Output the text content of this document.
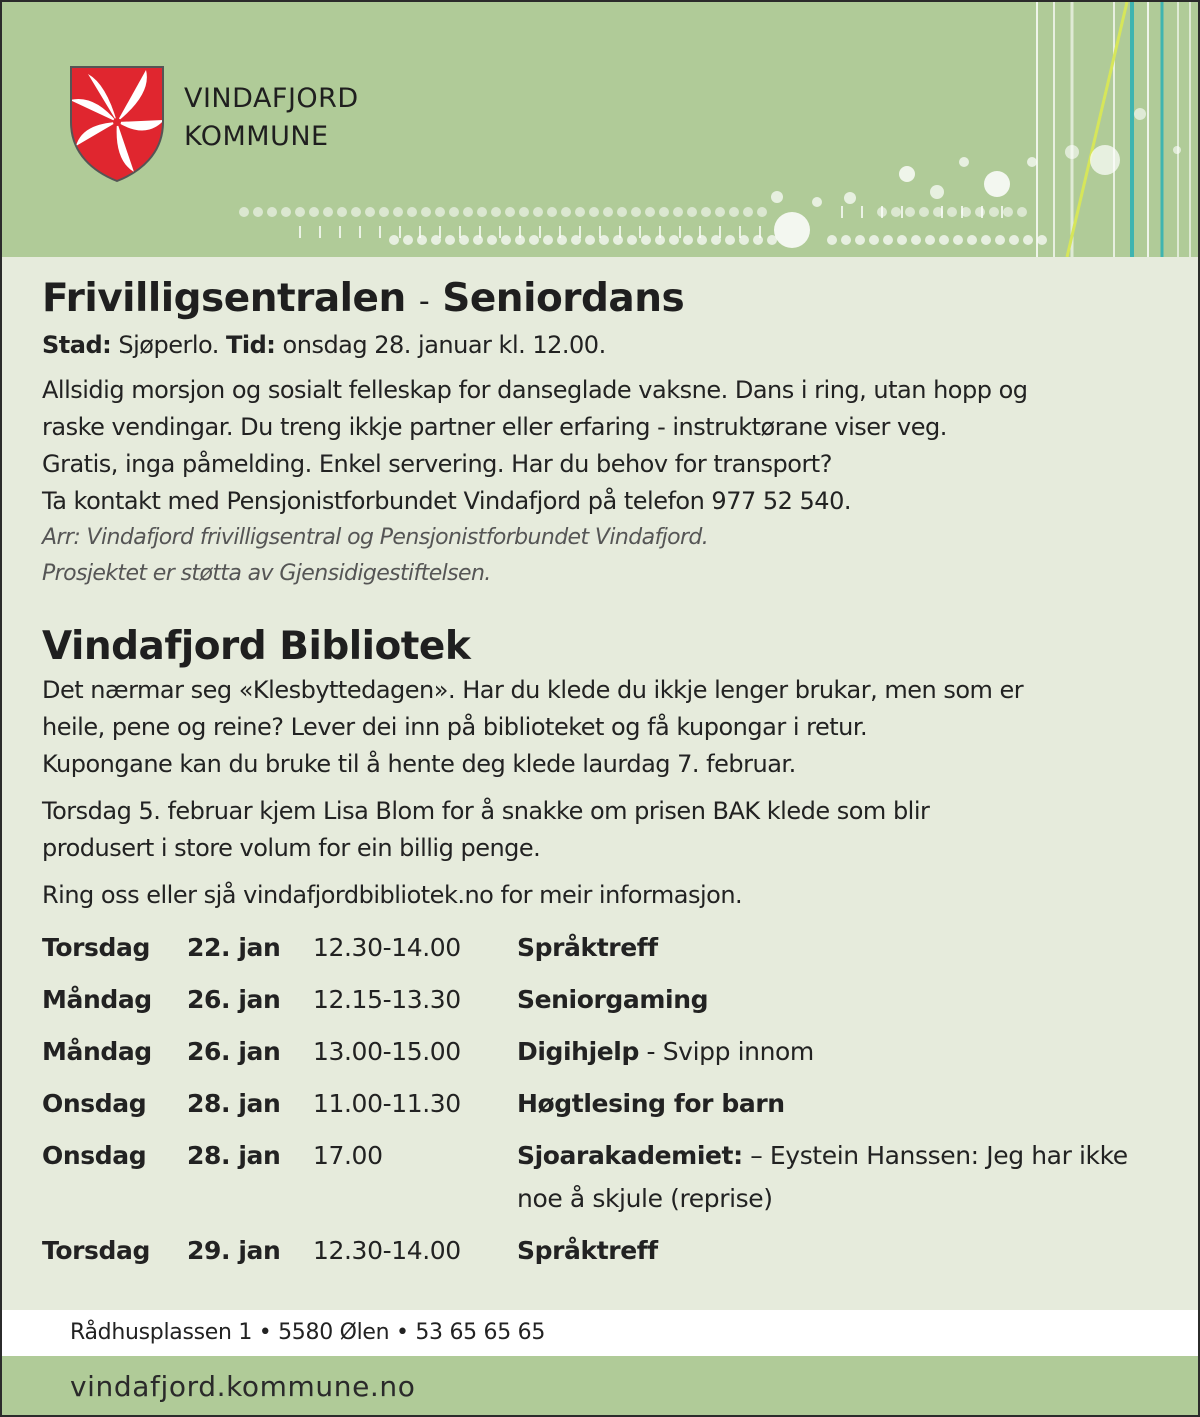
VINDAFJORD
KOMMUNE
Frivilligsentralen - Seniordans
Stad: Sjøperlo. Tid: onsdag 28. januar kl. 12.00.
Allsidig morsjon og sosialt felleskap for danseglade vaksne. Dans i ring, utan hopp og
raske vendingar. Du treng ikkje partner eller erfaring - instruktørane viser veg.
Gratis, inga påmelding. Enkel servering. Har du behov for transport?
Ta kontakt med Pensjonistforbundet Vindafjord på telefon 977 52 540.
Arr: Vindafjord frivilligsentral og Pensjonistforbundet Vindafjord.
Prosjektet er støtta av Gjensidigestiftelsen.
Vindafjord Bibliotek
Det nærmar seg «Klesbyttedagen». Har du klede du ikkje lenger brukar, men som er
heile, pene og reine? Lever dei inn på biblioteket og få kupongar i retur.
Kupongane kan du bruke til å hente deg klede laurdag 7. februar.
Torsdag 5. februar kjem Lisa Blom for å snakke om prisen BAK klede som blir
produsert i store volum for ein billig penge.
Ring oss eller sjå vindafjordbibliotek.no for meir informasjon.
Torsdag	22. jan	12.30-14.00	Språktreff
Måndag	26. jan	12.15-13.30	Seniorgaming
Måndag	26. jan	13.00-15.00	Digihjelp - Svipp innom
Onsdag	28. jan	11.00-11.30	Høgtlesing for barn
Onsdag	28. jan	17.00	Sjoarakademiet: – Eystein Hanssen: Jeg har ikke noe å skjule (reprise)
Torsdag	29. jan	12.30-14.00	Språktreff
Rådhusplassen 1 • 5580 Ølen • 53 65 65 65
vindafjord.kommune.no
